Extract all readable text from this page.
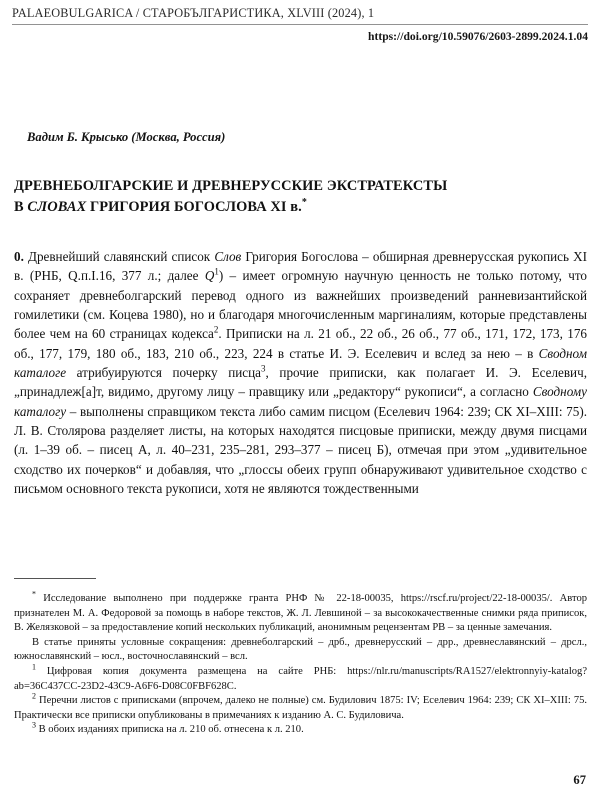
PALAEOBULGARICA / СТАРОБЪЛГАРИСТИКА, XLVIII (2024), 1
https://doi.org/10.59076/2603-2899.2024.1.04
Вадим Б. Крысько (Москва, Россия)
ДРЕВНЕБОЛГАРСКИЕ И ДРЕВНЕРУССКИЕ ЭКСТРАТЕКСТЫ
В СЛОВАХ ГРИГОРИЯ БОГОСЛОВА XI в.*

0. Древнейший славянский список Слов Григория Богослова – обширная древнерусская рукопись XI в. (РНБ, Q.п.I.16, 377 л.; далее $Q^1$) – имеет огромную научную ценность не только потому, что сохраняет древнеболгарский перевод одного из важнейших произведений ранневизантийской гомилетики (см. Коцева 1980), но и благодаря многочисленным маргиналиям, которые представлены более чем на 60 страницах кодекса$^2$. Приписки на л. 21 об., 22 об., 26 об., 77 об., 171, 172, 173, 176 об., 177, 179, 180 об., 183, 210 об., 223, 224 в статье И. Э. Еселевич и вслед за нею – в Сводном каталоге атрибуируются почерку писца$^3$, прочие приписки, как полагает И. Э. Еселевич, „принадлеж[а]т, видимо, другому лицу – правщику или „редактору“ рукописи“, а согласно Сводному каталогу – выполнены справщиком текста либо самим писцом (Еселевич 1964: 239; СК XI–XIII: 75). Л. В. Столярова разделяет листы, на которых находятся писцовые приписки, между двумя писцами (л. 1–39 об. – писец А, л. 40–231, 235–281, 293–377 – писец Б), отмечая при этом „удивительное сходство их почерков“ и добавляя, что „глоссы обеих групп обнаруживают удивительное сходство с письмом основного текста рукописи, хотя не являются тождественными

* Исследование выполнено при поддержке гранта РНФ № 22-18-00035, https://rscf.ru/project/22-18-00035/. Автор признателен М. А. Федоровой за помощь в наборе текстов, Ж. Л. Левшиной – за высококачественные снимки ряда приписок, В. Желязковой – за предоставление копий нескольких публикаций, анонимным рецензентам РВ – за ценные замечания.

В статье приняты условные сокращения: древнеболгарский – дрб., древнерусский – дрр., древнеславянский – дрсл., южнославянский – юсл., восточнославянский – всл.

$^1$ Цифровая копия документа размещена на сайте РНБ: https://nlr.ru/manuscripts/RA1527/elektronnyiy-katalog?ab=36C437CC-23D2-43C9-A6F6-D08C0FBF628C.

$^2$ Перечни листов с приписками (впрочем, далеко не полные) см. Будилович 1875: IV; Еселевич 1964: 239; СК XI–XIII: 75. Практически все приписки опубликованы в примечаниях к изданию А. С. Будиловича.

$^3$ В обоих изданиях приписка на л. 210 об. отнесена к л. 210.

67
